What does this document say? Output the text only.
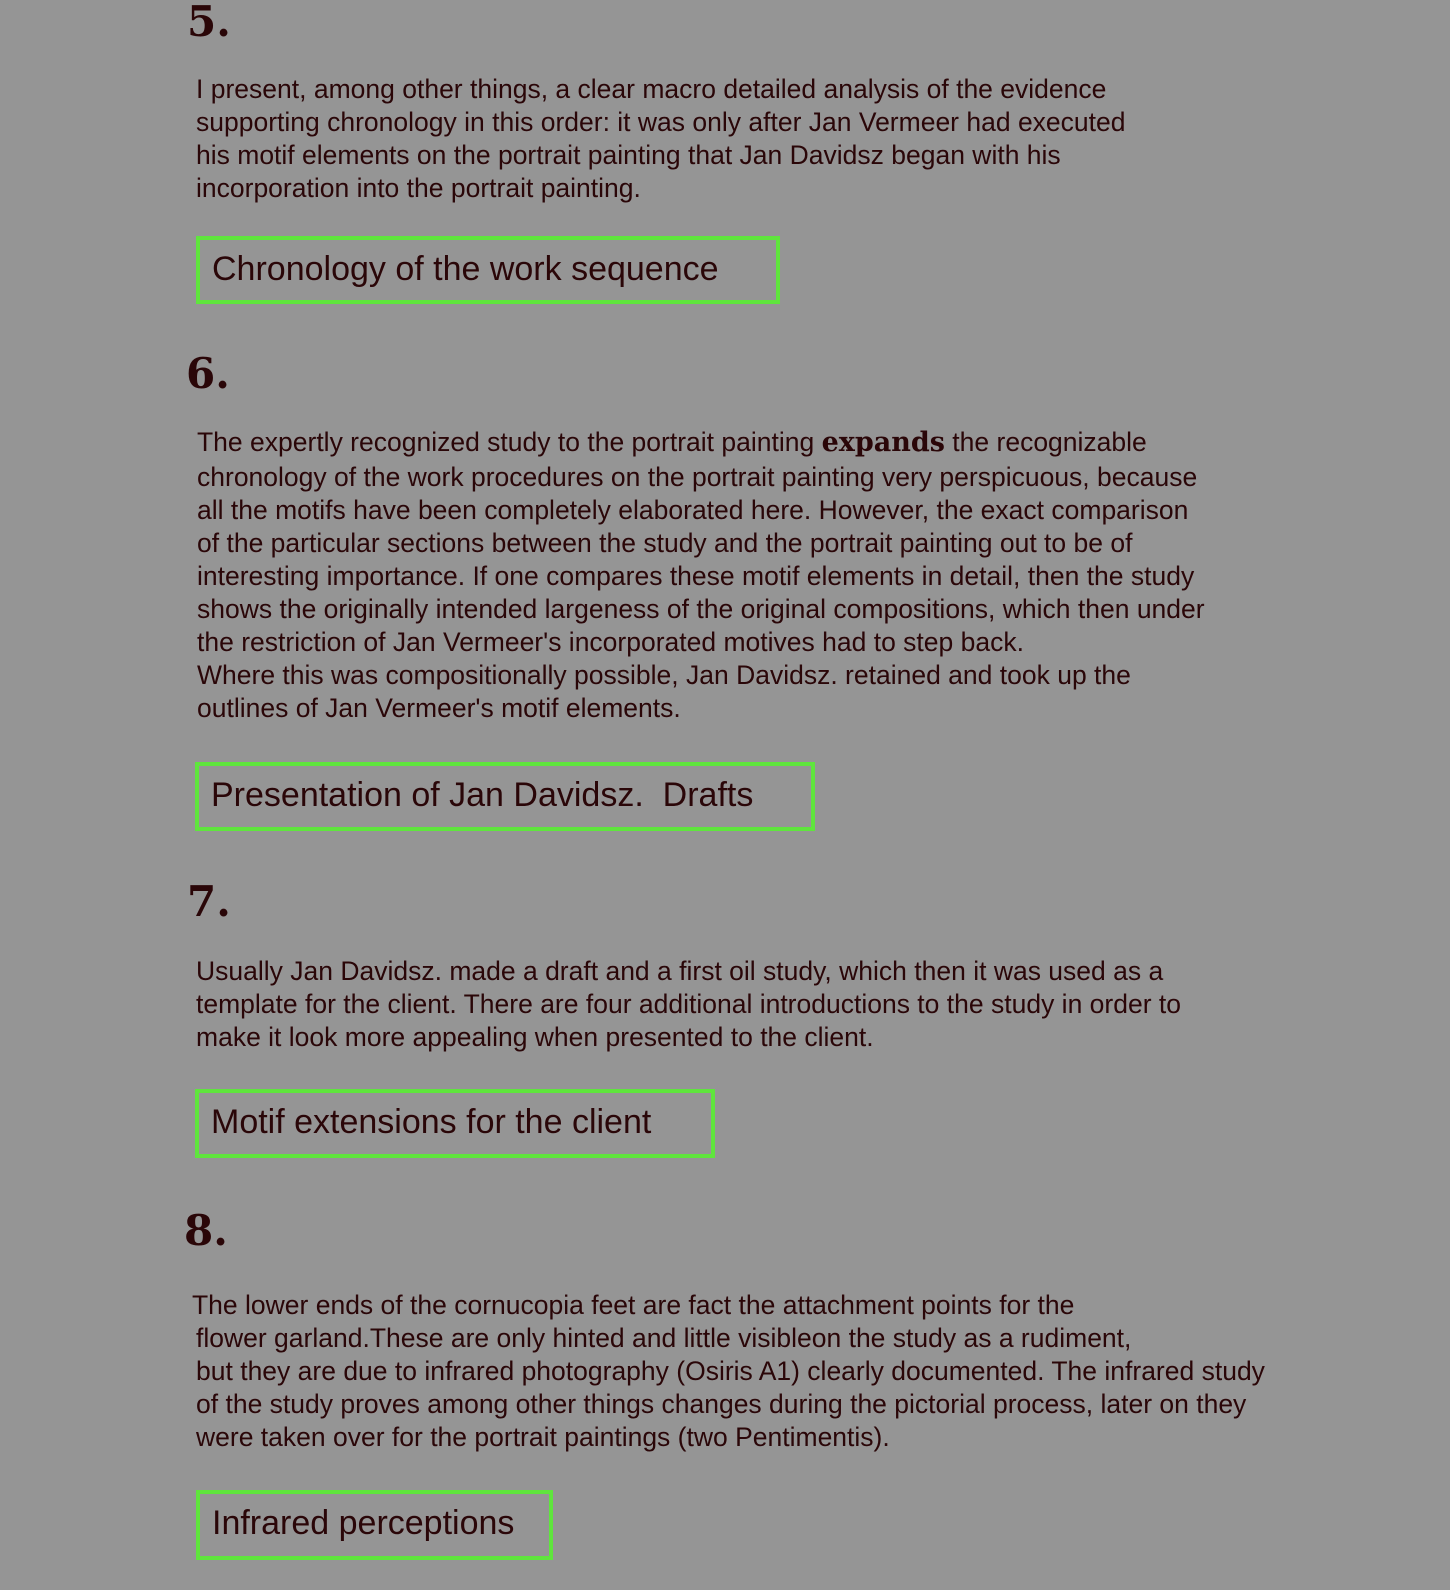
5.
I present, among other things, a clear macro detailed analysis of the evidence
supporting chronology in this order: it was only after Jan Vermeer had executed
his motif elements on the portrait painting that Jan Davidsz began with his
incorporation into the portrait painting.
Chronology of the work sequence
6.
The expertly recognized study to the portrait painting expands the recognizable
chronology of the work procedures on the portrait painting very perspicuous, because
all the motifs have been completely elaborated here. However, the exact comparison
of the particular sections between the study and the portrait painting out to be of
interesting importance. If one compares these motif elements in detail, then the study
shows the originally intended largeness of the original compositions, which then under
the restriction of Jan Vermeer's incorporated motives had to step back.
Where this was compositionally possible, Jan Davidsz. retained and took up the
outlines of Jan Vermeer's motif elements.
Presentation of Jan Davidsz.  Drafts
7.
Usually Jan Davidsz. made a draft and a first oil study, which then it was used as a
template for the client. There are four additional introductions to the study in order to
make it look more appealing when presented to the client.
Motif extensions for the client
8.
The lower ends of the cornucopia feet are fact the attachment points for the
flower garland.These are only hinted and little visibleon the study as a rudiment,
but they are due to infrared photography (Osiris A1) clearly documented. The infrared study
of the study proves among other things changes during the pictorial process, later on they
were taken over for the portrait paintings (two Pentimentis).
Infrared perceptions
